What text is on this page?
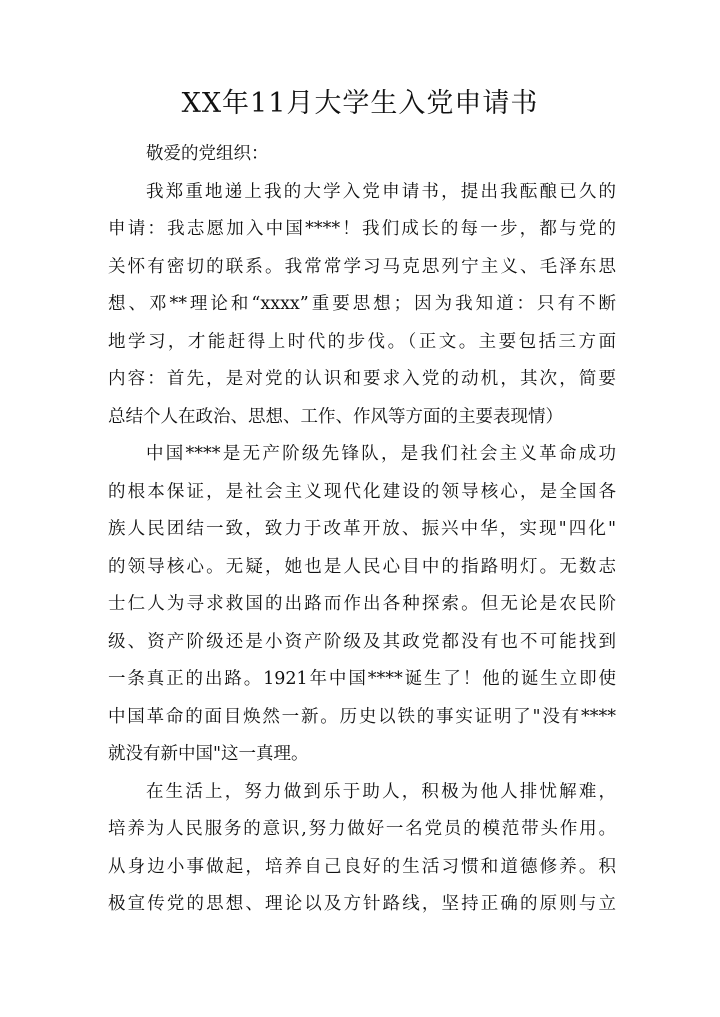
XX年11月大学生入党申请书
敬爱的党组织：
我郑重地递上我的大学入党申请书，提出我酝酿已久的
申请：我志愿加入中国****！我们成长的每一步，都与党的
关怀有密切的联系。我常常学习马克思列宁主义、毛泽东思
想、邓**理论和“xxxx”重要思想；因为我知道：只有不断
地学习，才能赶得上时代的步伐。（正文。主要包括三方面
内容：首先，是对党的认识和要求入党的动机，其次，简要
总结个人在政治、思想、工作、作风等方面的主要表现情）
中国****是无产阶级先锋队，是我们社会主义革命成功
的根本保证，是社会主义现代化建设的领导核心，是全国各
族人民团结一致，致力于改革开放、振兴中华，实现"四化"
的领导核心。无疑，她也是人民心目中的指路明灯。无数志
士仁人为寻求救国的出路而作出各种探索。但无论是农民阶
级、资产阶级还是小资产阶级及其政党都没有也不可能找到
一条真正的出路。1921年中国****诞生了！他的诞生立即使
中国革命的面目焕然一新。历史以铁的事实证明了"没有****
就没有新中国"这一真理。
在生活上，努力做到乐于助人，积极为他人排忧解难，
培养为人民服务的意识,努力做好一名党员的模范带头作用。
从身边小事做起，培养自己良好的生活习惯和道德修养。积
极宣传党的思想、理论以及方针路线，坚持正确的原则与立
